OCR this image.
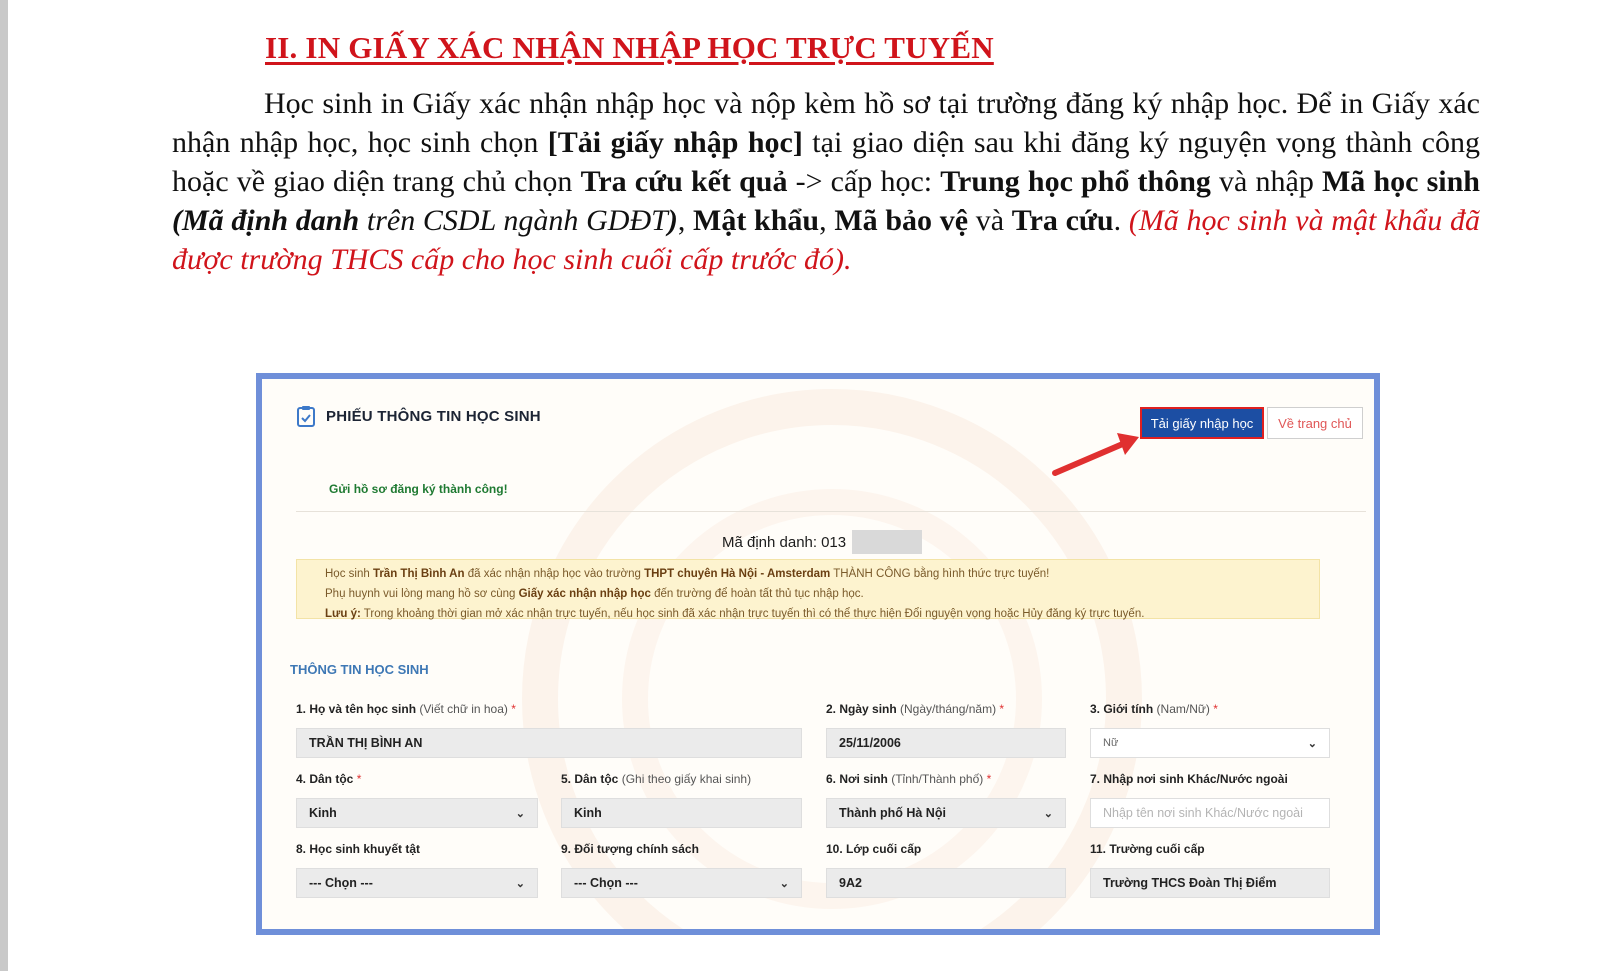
II. IN GIẤY XÁC NHẬN NHẬP HỌC TRỰC TUYẾN

Học sinh in Giấy xác nhận nhập học và nộp kèm hồ sơ tại trường đăng ký nhập học. Để in Giấy xác nhận nhập học, học sinh chọn [Tải giấy nhập học] tại giao diện sau khi đăng ký nguyện vọng thành công hoặc về giao diện trang chủ chọn Tra cứu kết quả -> cấp học: Trung học phổ thông và nhập Mã học sinh (Mã định danh trên CSDL ngành GDĐT), Mật khẩu, Mã bảo vệ và Tra cứu. (Mã học sinh và mật khẩu đã được trường THCS cấp cho học sinh cuối cấp trước đó).

PHIẾU THÔNG TIN HỌC SINH	Tải giấy nhập học	Về trang chủ
Gửi hồ sơ đăng ký thành công!
Mã định danh: 013
Học sinh Trần Thị Bình An đã xác nhận nhập học vào trường THPT chuyên Hà Nội - Amsterdam THÀNH CÔNG bằng hình thức trực tuyến!
Phụ huynh vui lòng mang hồ sơ cùng Giấy xác nhận nhập học đến trường để hoàn tất thủ tục nhập học.
Lưu ý: Trong khoảng thời gian mở xác nhận trực tuyến, nếu học sinh đã xác nhận trực tuyến thì có thể thực hiện Đổi nguyện vọng hoặc Hủy đăng ký trực tuyến.
THÔNG TIN HỌC SINH
1. Họ và tên học sinh (Viết chữ in hoa) *
TRẦN THỊ BÌNH AN
2. Ngày sinh (Ngày/tháng/năm) *
25/11/2006
3. Giới tính (Nam/Nữ) *
Nữ	⌄
4. Dân tộc *
Kinh	⌄
5. Dân tộc (Ghi theo giấy khai sinh)
Kinh
6. Nơi sinh (Tỉnh/Thành phố) *
Thành phố Hà Nội	⌄
7. Nhập nơi sinh Khác/Nước ngoài
Nhập tên nơi sinh Khác/Nước ngoài
8. Học sinh khuyết tật
--- Chọn ---	⌄
9. Đối tượng chính sách
--- Chọn ---	⌄
10. Lớp cuối cấp
9A2
11. Trường cuối cấp
Trường THCS Đoàn Thị Điểm
